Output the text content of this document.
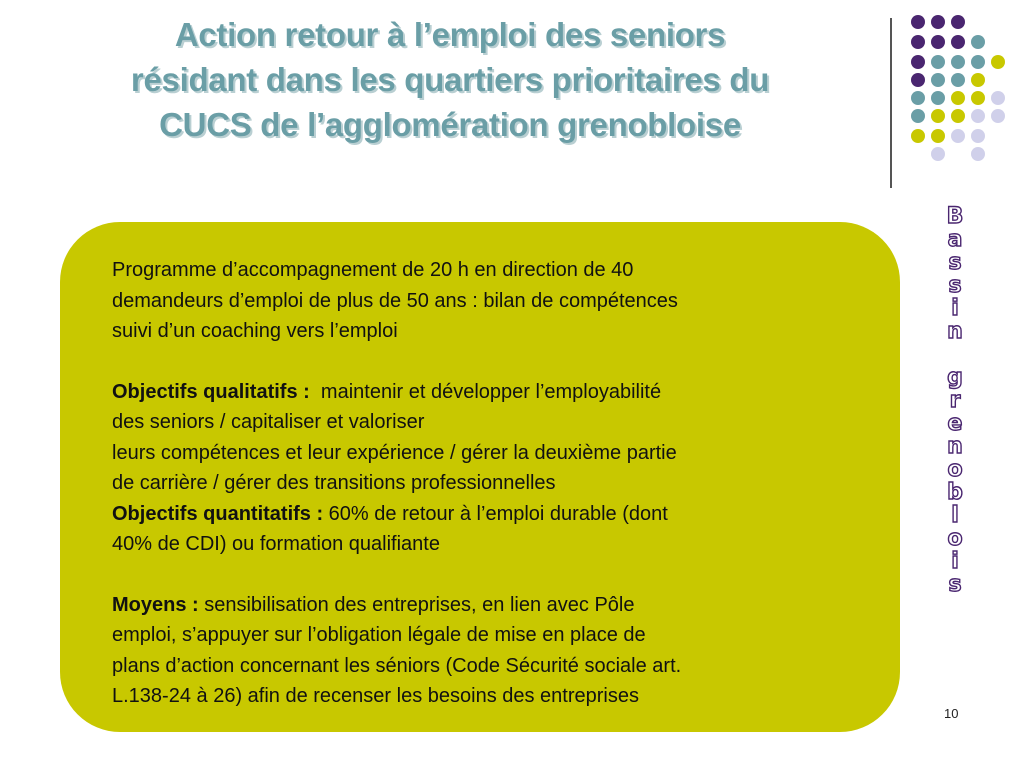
Action retour à l’emploi des seniors
résidant dans les quartiers prioritaires du
CUCS de l’agglomération grenobloise

Programme d’accompagnement de 20 h en direction de 40

demandeurs d’emploi de plus de 50 ans : bilan de compétences

suivi d’un coaching vers l’emploi

Objectifs qualitatifs :  maintenir et développer l’employabilité

des seniors / capitaliser et valoriser

leurs compétences et leur expérience / gérer la deuxième partie

de carrière / gérer des transitions professionnelles

Objectifs quantitatifs : 60% de retour à l’emploi durable (dont

40% de CDI) ou formation qualifiante

Moyens : sensibilisation des entreprises, en lien avec Pôle

emploi, s’appuyer sur l’obligation légale de mise en place de

plans d’action concernant les séniors (Code Sécurité sociale art.

L.138-24 à 26) afin de recenser les besoins des entreprises

B
a
s
s
i
n

g
r
e
n
o
b
l
o
i
s
10
